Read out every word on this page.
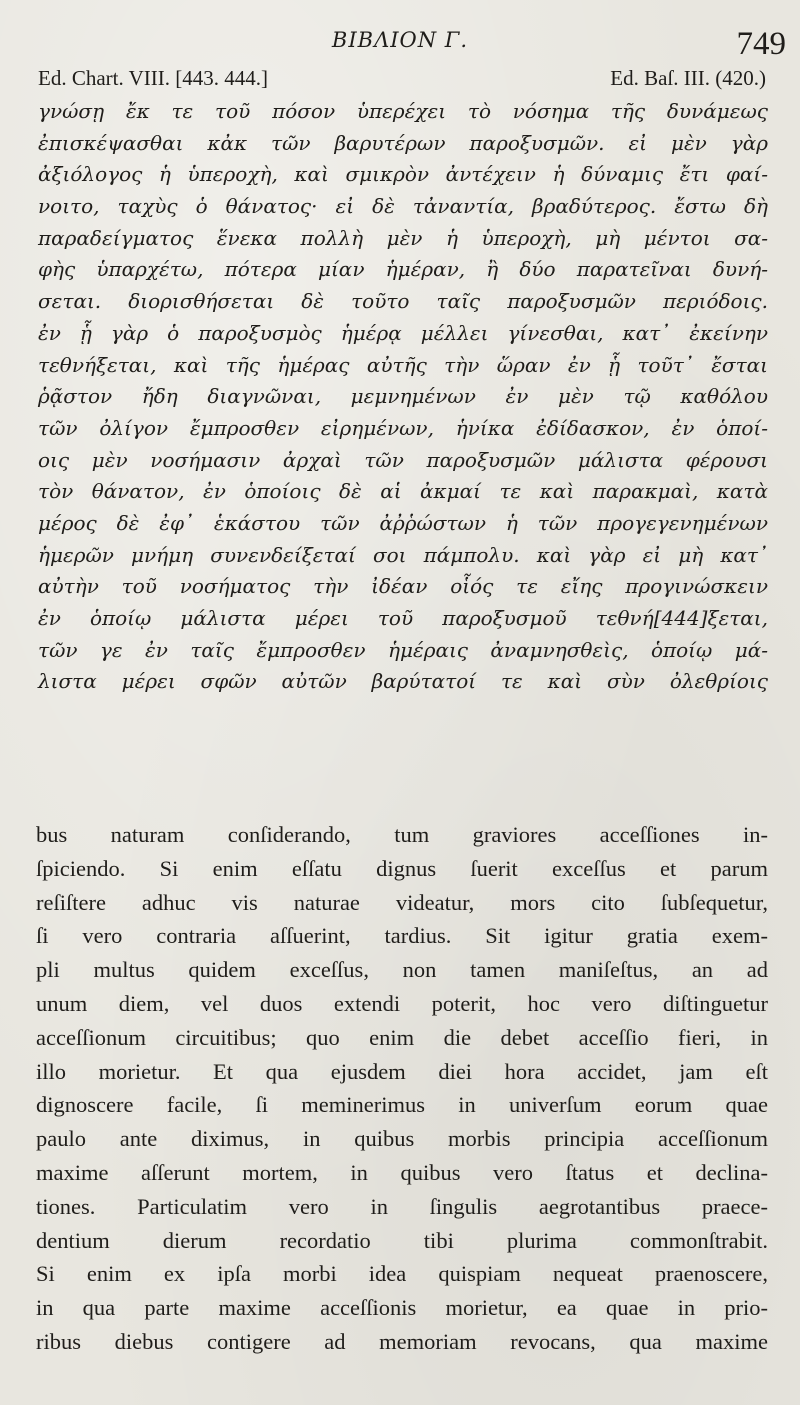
ΒΙΒΛΙΟΝ Γ.	749
Ed. Chart. VIII. [443. 444.]	Ed. Baſ. III. (420.)
γνώσῃ ἔκ τε τοῦ πόσον ὑπερέχει τὸ νόσημα τῆς δυνάμεως
ἐπισκέψασθαι κἀκ τῶν βαρυτέρων παροξυσμῶν. εἰ μὲν γὰρ
ἀξιόλογος ἡ ὑπεροχὴ, καὶ σμικρὸν ἀντέχειν ἡ δύναμις ἔτι φαί-
νοιτο, ταχὺς ὁ θάνατος· εἰ δὲ τἀναντία, βραδύτερος. ἔστω δὴ
παραδείγματος ἕνεκα πολλὴ μὲν ἡ ὑπεροχὴ, μὴ μέντοι σα-
φὴς ὑπαρχέτω, πότερα μίαν ἡμέραν, ἢ δύο παρατεῖναι δυνή-
σεται. διορισθήσεται δὲ τοῦτο ταῖς παροξυσμῶν περιόδοις.
ἐν ᾗ γὰρ ὁ παροξυσμὸς ἡμέρᾳ μέλλει γίνεσθαι, κατ᾽ ἐκείνην
τεθνήξεται, καὶ τῆς ἡμέρας αὐτῆς τὴν ὥραν ἐν ᾗ τοῦτ᾽ ἔσται
ῥᾷστον ἤδη διαγνῶναι, μεμνημένων ἐν μὲν τῷ καθόλου
τῶν ὀλίγον ἔμπροσθεν εἰρημένων, ἡνίκα ἐδίδασκον, ἐν ὁποί-
οις μὲν νοσήμασιν ἀρχαὶ τῶν παροξυσμῶν μάλιστα φέρουσι
τὸν θάνατον, ἐν ὁποίοις δὲ αἱ ἀκμαί τε καὶ παρακμαὶ, κατὰ
μέρος δὲ ἐφ᾽ ἑκάστου τῶν ἀῤῥώστων ἡ τῶν προγεγενημένων
ἡμερῶν μνήμη συνενδείξεταί σοι πάμπολυ. καὶ γὰρ εἰ μὴ κατ᾽
αὐτὴν τοῦ νοσήματος τὴν ἰδέαν οἷός τε εἴης προγινώσκειν
ἐν ὁποίῳ μάλιστα μέρει τοῦ παροξυσμοῦ τεθνή[444]ξεται,
τῶν γε ἐν ταῖς ἔμπροσθεν ἡμέραις ἀναμνησθεὶς, ὁποίῳ μά-
λιστα μέρει σφῶν αὐτῶν βαρύτατοί τε καὶ σὺν ὀλεθρίοις
bus naturam conſiderando, tum graviores acceſſiones in-
ſpiciendo. Si enim eſſatu dignus ſuerit exceſſus et parum
reſiſtere adhuc vis naturae videatur, mors cito ſubſequetur,
ſi vero contraria aſſuerint, tardius. Sit igitur gratia exem-
pli multus quidem exceſſus, non tamen maniſeſtus, an ad
unum diem, vel duos extendi poterit, hoc vero diſtinguetur
acceſſionum circuitibus; quo enim die debet acceſſio fieri, in
illo morietur. Et qua ejusdem diei hora accidet, jam eſt
dignoscere facile, ſi meminerimus in univerſum eorum quae
paulo ante diximus, in quibus morbis principia acceſſionum
maxime aſſerunt mortem, in quibus vero ſtatus et declina-
tiones. Particulatim vero in ſingulis aegrotantibus praece-
dentium dierum recordatio tibi plurima commonſtrabit.
Si enim ex ipſa morbi idea quispiam nequeat praenoscere,
in qua parte maxime acceſſionis morietur, ea quae in prio-
ribus diebus contigere ad memoriam revocans, qua maxime
